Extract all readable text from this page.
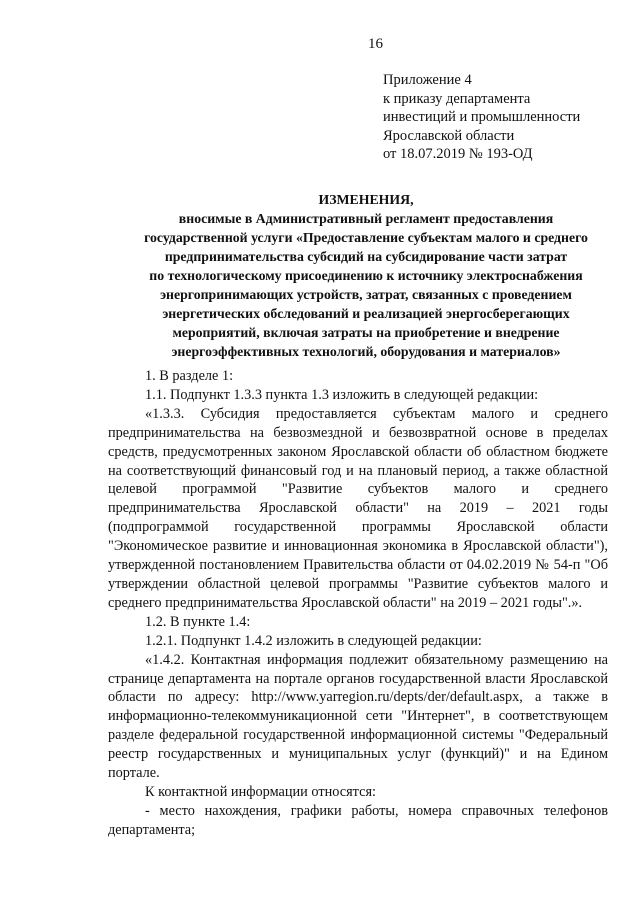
16
Приложение 4
к приказу департамента
инвестиций и промышленности
Ярославской области
от 18.07.2019 № 193-ОД
ИЗМЕНЕНИЯ,
вносимые в Административный регламент предоставления
государственной услуги «Предоставление субъектам малого и среднего
предпринимательства субсидий на субсидирование части затрат
по технологическому присоединению к источнику электроснабжения
энергопринимающих устройств, затрат, связанных с проведением
энергетических обследований и реализацией энергосберегающих
мероприятий, включая затраты на приобретение и внедрение
энергоэффективных технологий, оборудования и материалов»

1. В разделе 1:

1.1. Подпункт 1.3.3 пункта 1.3 изложить в следующей редакции:

«1.3.3. Субсидия предоставляется субъектам малого и среднего предпринимательства на безвозмездной и безвозвратной основе в пределах средств, предусмотренных законом Ярославской области об областном бюджете на соответствующий финансовый год и на плановый период, а также областной целевой программой "Развитие субъектов малого и среднего предпринимательства Ярославской области" на 2019 – 2021 годы (подпрограммой государственной программы Ярославской области "Экономическое развитие и инновационная экономика в Ярославской области"), утвержденной постановлением Правительства области от 04.02.2019 № 54-п "Об утверждении областной целевой программы "Развитие субъектов малого и среднего предпринимательства Ярославской области" на 2019 – 2021 годы".».

1.2. В пункте 1.4:

1.2.1. Подпункт 1.4.2 изложить в следующей редакции:

«1.4.2. Контактная информация подлежит обязательному размещению на странице департамента на портале органов государственной власти Ярославской области по адресу: http://www.yarregion.ru/depts/der/default.aspx, а также в информационно-телекоммуникационной сети "Интернет", в соответствующем разделе федеральной государственной информационной системы "Федеральный реестр государственных и муниципальных услуг (функций)" и на Едином портале.

К контактной информации относятся:

- место нахождения, графики работы, номера справочных телефонов департамента;
